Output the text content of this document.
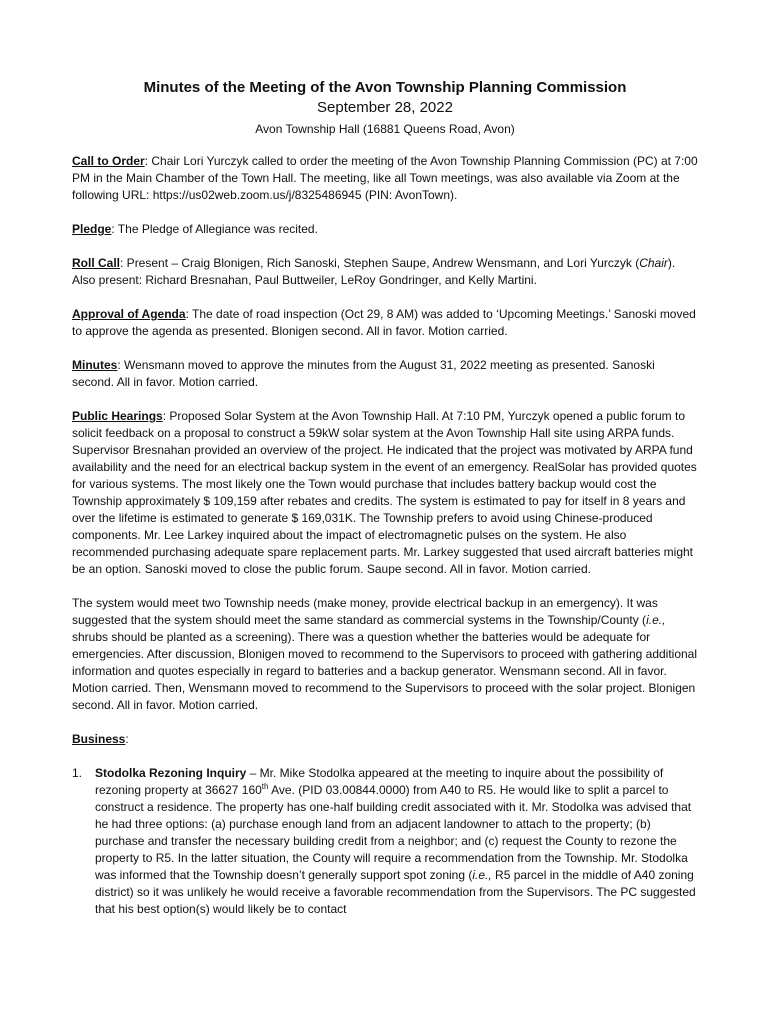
Minutes of the Meeting of the Avon Township Planning Commission
September 28, 2022
Avon Township Hall (16881 Queens Road, Avon)

Call to Order: Chair Lori Yurczyk called to order the meeting of the Avon Township Planning Commission (PC) at 7:00 PM in the Main Chamber of the Town Hall. The meeting, like all Town meetings, was also available via Zoom at the following URL: https://us02web.zoom.us/j/8325486945 (PIN: AvonTown).

Pledge: The Pledge of Allegiance was recited.

Roll Call: Present – Craig Blonigen, Rich Sanoski, Stephen Saupe, Andrew Wensmann, and Lori Yurczyk (Chair). Also present: Richard Bresnahan, Paul Buttweiler, LeRoy Gondringer, and Kelly Martini.

Approval of Agenda: The date of road inspection (Oct 29, 8 AM) was added to ‘Upcoming Meetings.’ Sanoski moved to approve the agenda as presented. Blonigen second. All in favor. Motion carried.

Minutes: Wensmann moved to approve the minutes from the August 31, 2022 meeting as presented. Sanoski second. All in favor. Motion carried.

Public Hearings: Proposed Solar System at the Avon Township Hall. At 7:10 PM, Yurczyk opened a public forum to solicit feedback on a proposal to construct a 59kW solar system at the Avon Township Hall site using ARPA funds. Supervisor Bresnahan provided an overview of the project. He indicated that the project was motivated by ARPA fund availability and the need for an electrical backup system in the event of an emergency. RealSolar has provided quotes for various systems. The most likely one the Town would purchase that includes battery backup would cost the Township approximately $ 109,159 after rebates and credits. The system is estimated to pay for itself in 8 years and over the lifetime is estimated to generate $ 169,031K. The Township prefers to avoid using Chinese-produced components. Mr. Lee Larkey inquired about the impact of electromagnetic pulses on the system. He also recommended purchasing adequate spare replacement parts. Mr. Larkey suggested that used aircraft batteries might be an option. Sanoski moved to close the public forum. Saupe second. All in favor. Motion carried.

The system would meet two Township needs (make money, provide electrical backup in an emergency). It was suggested that the system should meet the same standard as commercial systems in the Township/County (i.e., shrubs should be planted as a screening). There was a question whether the batteries would be adequate for emergencies. After discussion, Blonigen moved to recommend to the Supervisors to proceed with gathering additional information and quotes especially in regard to batteries and a backup generator. Wensmann second. All in favor. Motion carried. Then, Wensmann moved to recommend to the Supervisors to proceed with the solar project. Blonigen second. All in favor. Motion carried.

Business:

1. Stodolka Rezoning Inquiry – Mr. Mike Stodolka appeared at the meeting to inquire about the possibility of rezoning property at 36627 160th Ave. (PID 03.00844.0000) from A40 to R5. He would like to split a parcel to construct a residence. The property has one-half building credit associated with it. Mr. Stodolka was advised that he had three options: (a) purchase enough land from an adjacent landowner to attach to the property; (b) purchase and transfer the necessary building credit from a neighbor; and (c) request the County to rezone the property to R5. In the latter situation, the County will require a recommendation from the Township. Mr. Stodolka was informed that the Township doesn’t generally support spot zoning (i.e., R5 parcel in the middle of A40 zoning district) so it was unlikely he would receive a favorable recommendation from the Supervisors. The PC suggested that his best option(s) would likely be to contact
